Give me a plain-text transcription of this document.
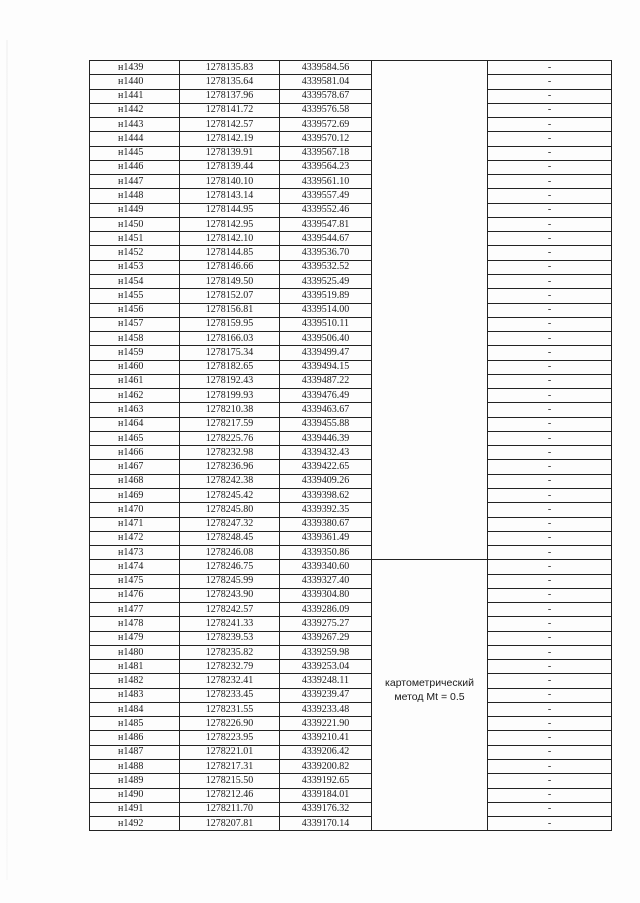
н1439	1278135.83	4339584.56		-
н1440	1278135.64	4339581.04		-
н1441	1278137.96	4339578.67		-
н1442	1278141.72	4339576.58		-
н1443	1278142.57	4339572.69		-
н1444	1278142.19	4339570.12		-
н1445	1278139.91	4339567.18		-
н1446	1278139.44	4339564.23		-
н1447	1278140.10	4339561.10		-
н1448	1278143.14	4339557.49		-
н1449	1278144.95	4339552.46		-
н1450	1278142.95	4339547.81		-
н1451	1278142.10	4339544.67		-
н1452	1278144.85	4339536.70		-
н1453	1278146.66	4339532.52		-
н1454	1278149.50	4339525.49		-
н1455	1278152.07	4339519.89		-
н1456	1278156.81	4339514.00		-
н1457	1278159.95	4339510.11		-
н1458	1278166.03	4339506.40		-
н1459	1278175.34	4339499.47		-
н1460	1278182.65	4339494.15		-
н1461	1278192.43	4339487.22		-
н1462	1278199.93	4339476.49		-
н1463	1278210.38	4339463.67		-
н1464	1278217.59	4339455.88		-
н1465	1278225.76	4339446.39		-
н1466	1278232.98	4339432.43		-
н1467	1278236.96	4339422.65		-
н1468	1278242.38	4339409.26		-
н1469	1278245.42	4339398.62		-
н1470	1278245.80	4339392.35		-
н1471	1278247.32	4339380.67		-
н1472	1278248.45	4339361.49		-
н1473	1278246.08	4339350.86		-
н1474	1278246.75	4339340.60	картометрический
метод Mt = 0.5	-
н1475	1278245.99	4339327.40		-
н1476	1278243.90	4339304.80		-
н1477	1278242.57	4339286.09		-
н1478	1278241.33	4339275.27		-
н1479	1278239.53	4339267.29		-
н1480	1278235.82	4339259.98		-
н1481	1278232.79	4339253.04		-
н1482	1278232.41	4339248.11		-
н1483	1278233.45	4339239.47		-
н1484	1278231.55	4339233.48		-
н1485	1278226.90	4339221.90		-
н1486	1278223.95	4339210.41		-
н1487	1278221.01	4339206.42		-
н1488	1278217.31	4339200.82		-
н1489	1278215.50	4339192.65		-
н1490	1278212.46	4339184.01		-
н1491	1278211.70	4339176.32		-
н1492	1278207.81	4339170.14		-
